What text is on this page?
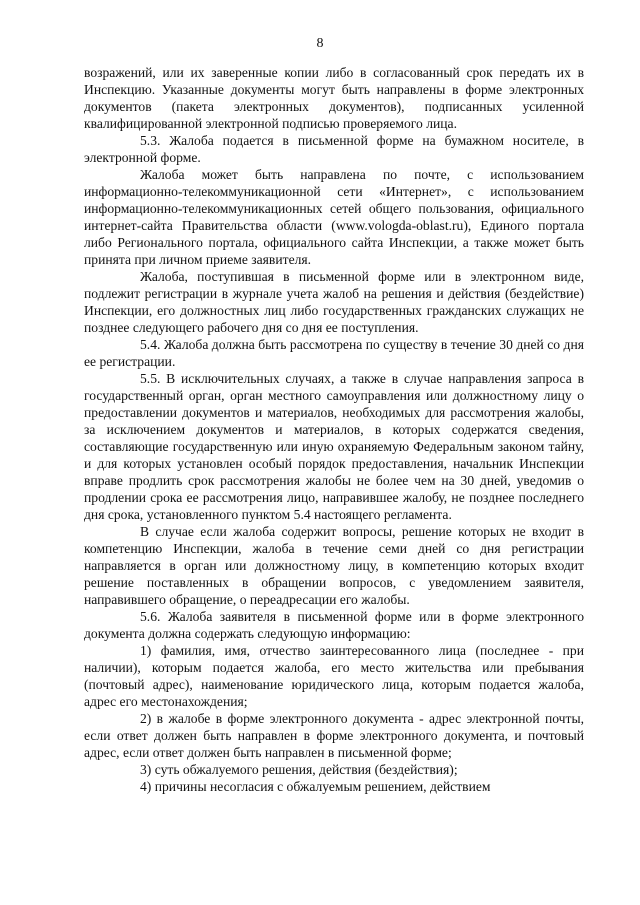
8

возражений, или их заверенные копии либо в согласованный срок передать их в Инспекцию. Указанные документы могут быть направлены в форме электронных документов (пакета электронных документов), подписанных усиленной квалифицированной электронной подписью проверяемого лица.

5.3. Жалоба подается в письменной форме на бумажном носителе, в электронной форме.

Жалоба может быть направлена по почте, с использованием информационно-телекоммуникационной сети «Интернет», с использованием информационно-телекоммуникационных сетей общего пользования, официального интернет-сайта Правительства области (www.vologda-oblast.ru), Единого портала либо Регионального портала, официального сайта Инспекции, а также может быть принята при личном приеме заявителя.

Жалоба, поступившая в письменной форме или в электронном виде, подлежит регистрации в журнале учета жалоб на решения и действия (бездействие) Инспекции, его должностных лиц либо государственных гражданских служащих не позднее следующего рабочего дня со дня ее поступления.

5.4. Жалоба должна быть рассмотрена по существу в течение 30 дней со дня ее регистрации.

5.5. В исключительных случаях, а также в случае направления запроса в государственный орган, орган местного самоуправления или должностному лицу о предоставлении документов и материалов, необходимых для рассмотрения жалобы, за исключением документов и материалов, в которых содержатся сведения, составляющие государственную или иную охраняемую Федеральным законом тайну, и для которых установлен особый порядок предоставления, начальник Инспекции вправе продлить срок рассмотрения жалобы не более чем на 30 дней, уведомив о продлении срока ее рассмотрения лицо, направившее жалобу, не позднее последнего дня срока, установленного пунктом 5.4 настоящего регламента.

В случае если жалоба содержит вопросы, решение которых не входит в компетенцию Инспекции, жалоба в течение семи дней со дня регистрации направляется в орган или должностному лицу, в компетенцию которых входит решение поставленных в обращении вопросов, с уведомлением заявителя, направившего обращение, о переадресации его жалобы.

5.6. Жалоба заявителя в письменной форме или в форме электронного документа должна содержать следующую информацию:

1) фамилия, имя, отчество заинтересованного лица (последнее - при наличии), которым подается жалоба, его место жительства или пребывания (почтовый адрес), наименование юридического лица, которым подается жалоба, адрес его местонахождения;

2) в жалобе в форме электронного документа - адрес электронной почты, если ответ должен быть направлен в форме электронного документа, и почтовый адрес, если ответ должен быть направлен в письменной форме;

3) суть обжалуемого решения, действия (бездействия);

4) причины несогласия с обжалуемым решением, действием
